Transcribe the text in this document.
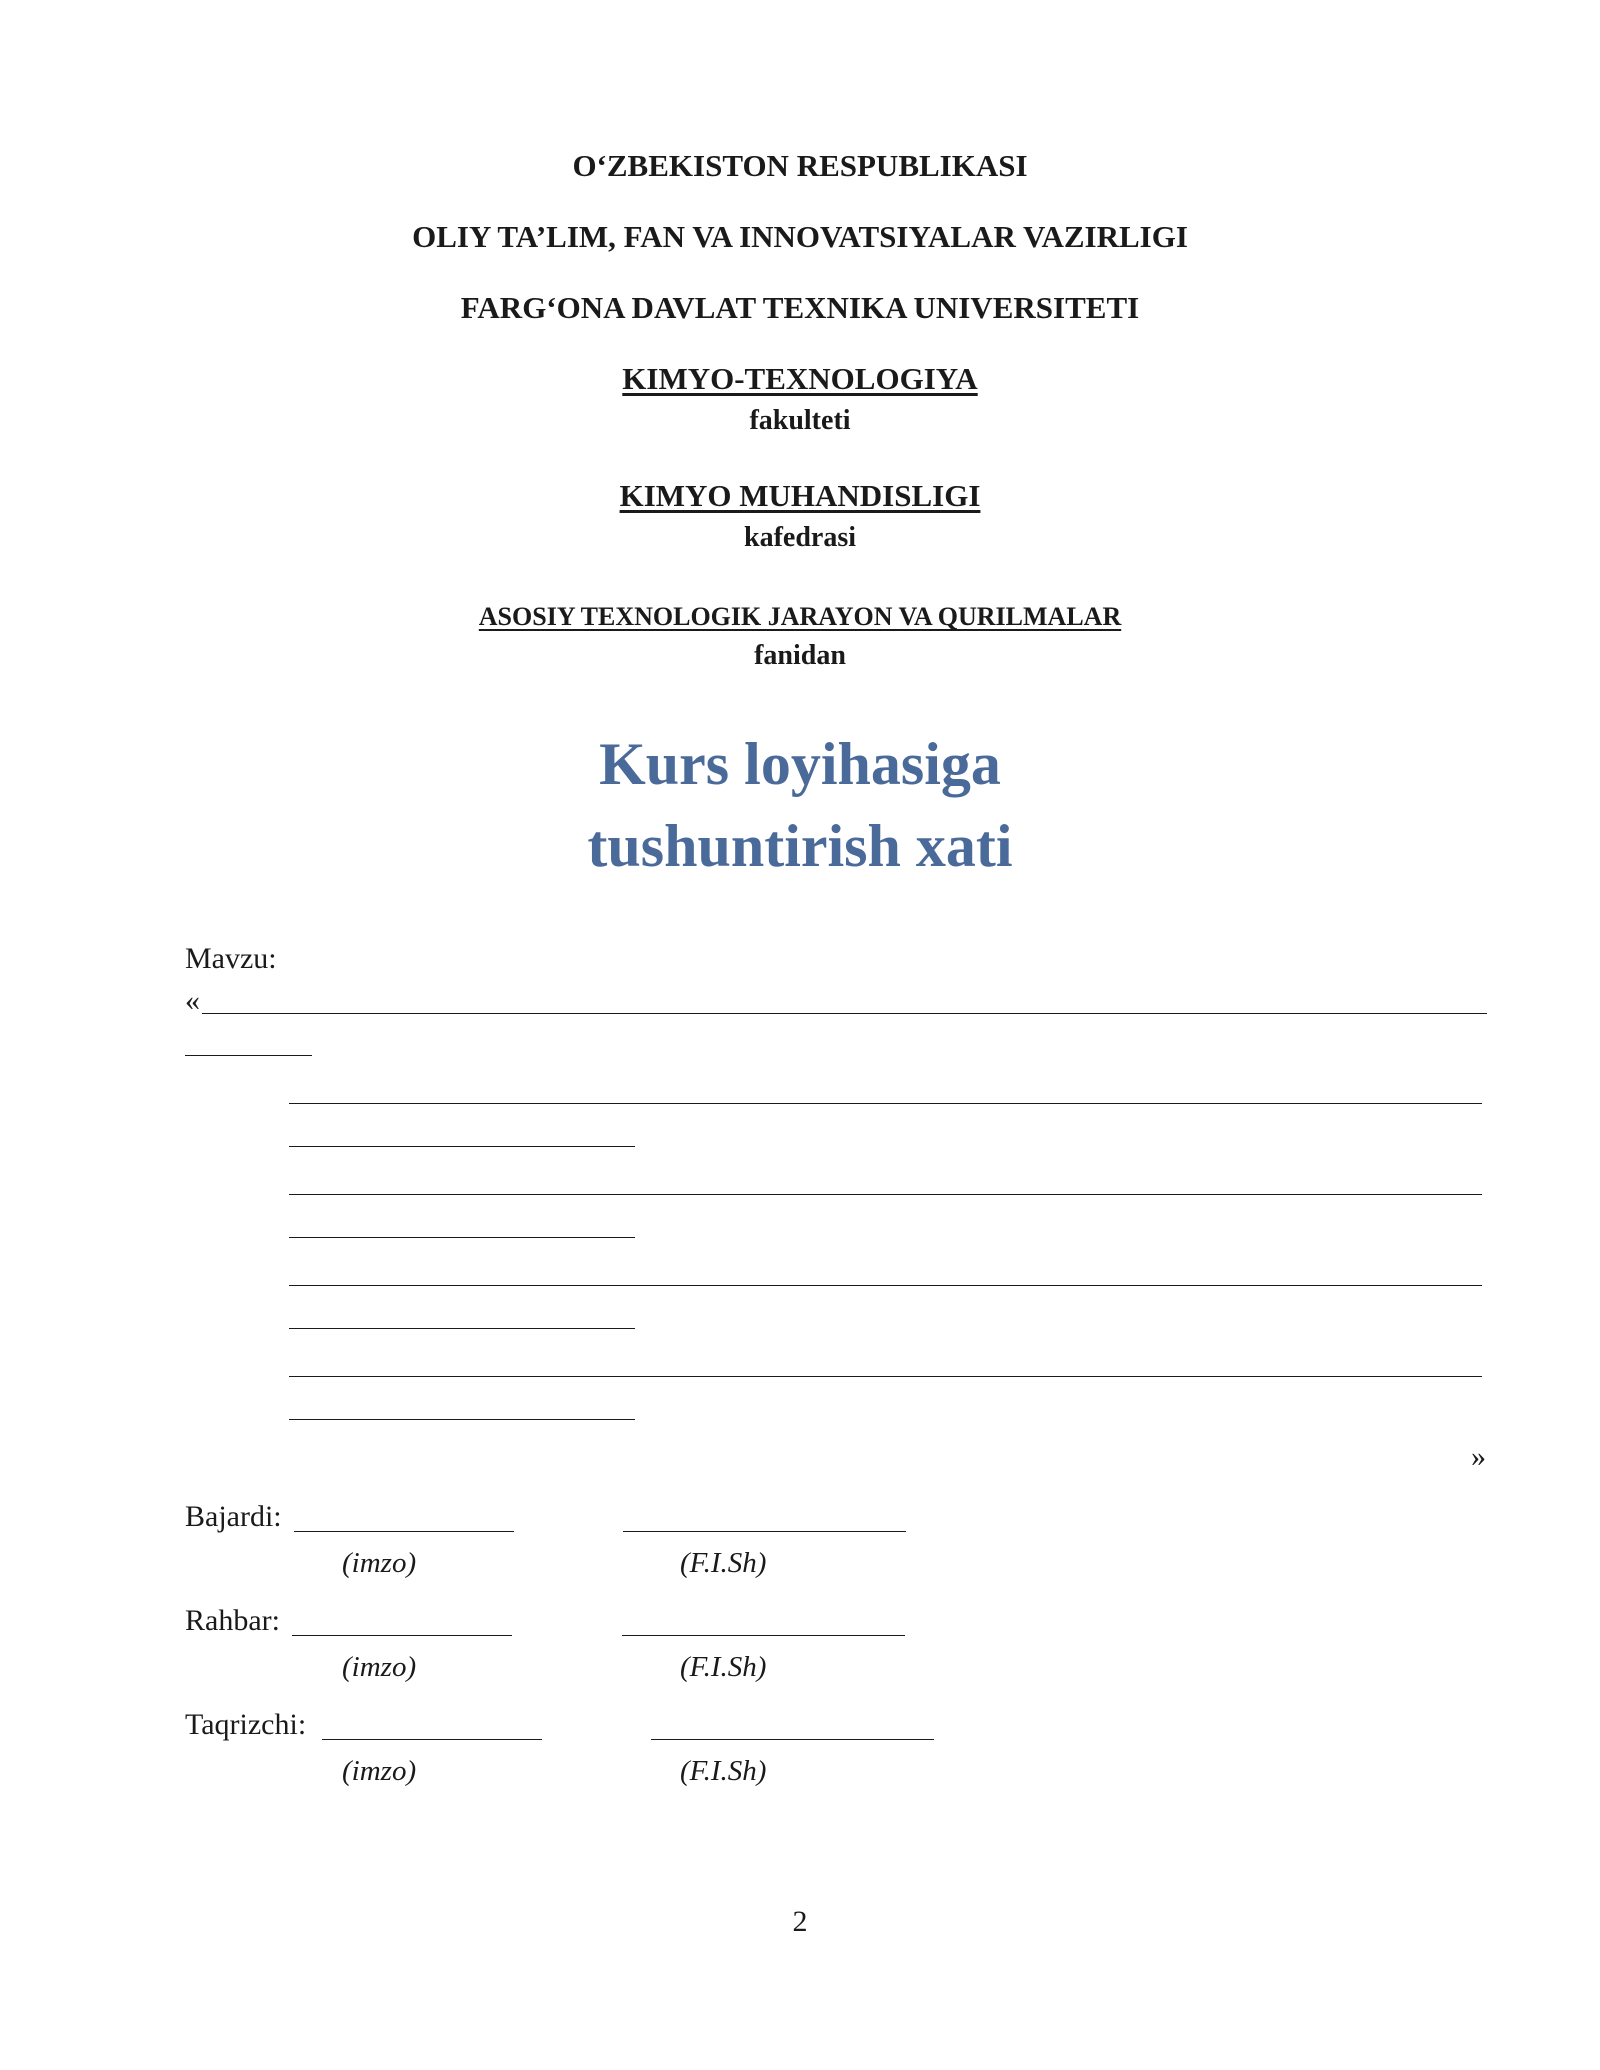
O‘ZBEKISTON RESPUBLIKASI
OLIY TA’LIM, FAN VA INNOVATSIYALAR VAZIRLIGI
FARG‘ONA DAVLAT TEXNIKA UNIVERSITETI
KIMYO-TEXNOLOGIYA
fakulteti
KIMYO MUHANDISLIGI
kafedrasi
ASOSIY TEXNOLOGIK JARAYON VA QURILMALAR
fanidan
Kurs loyihasiga
tushuntirish xati
Mavzu:
«
»
Bajardi:
(imzo)	(F.I.Sh)
Rahbar:
(imzo)	(F.I.Sh)
Taqrizchi:
(imzo)	(F.I.Sh)
2
